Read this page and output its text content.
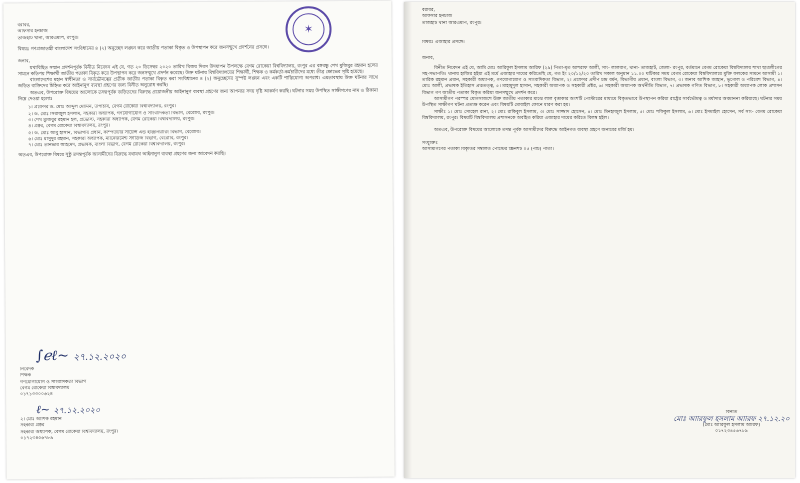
✶
বরাবর,
অফিসার ইনচার্জ
তাজহাট থানা, আরএমপি, রংপুর।
বিষয়ঃ গণপ্রজাতন্ত্রী বাংলাদেশ সংবিধানের ৪ (২) অনুচ্ছেদ লঙ্ঘন করে জাতীয় পতাকা বিকৃত ও উপস্থাপন করে জনসম্মুখে প্রদর্শনের প্রসঙ্গে।
জনাব,
যথাবিহিত সম্মান প্রদর্শনপূর্বক বিনীত নিবেদন এই যে, গত ২০ ডিসেম্বর ২০২০ তারিখ বিজয় দিবস উদযাপন উপলক্ষে বেগম রোকেয়া বিশ্ববিদ্যালয়, রংপুর এর বঙ্গবন্ধু শেখ মুজিবুর রহমান হলের সামনে কতিপয় শিক্ষার্থী জাতীয় পতাকা বিকৃত করে উপস্থাপন করে জনসম্মুখে প্রদর্শন করেছে। উক্ত ঘটনায় বিশ্ববিদ্যালয়ের শিক্ষার্থী, শিক্ষক ও কর্মকর্তা-কর্মচারীদের মধ্যে তীব্র ক্ষোভের সৃষ্টি হয়েছে।
বাংলাদেশের মহান স্বাধীনতা ও সার্বভৌমত্বের প্রতীক জাতীয় পতাকা বিকৃত করা সংবিধানের ৪ (২) অনুচ্ছেদের সুস্পষ্ট লঙ্ঘন এবং একটি শাস্তিযোগ্য অপরাধ। এমতাবস্থায় উক্ত ঘটনার সাথে জড়িত ব্যক্তিদের চিহ্নিত করে আইনানুগ ব্যবস্থা গ্রহণের জন্য বিনীত অনুরোধ করছি।
অতএব, উপরোক্ত বিষয়ের আলোকে তদন্তপূর্বক জড়িতদের বিরুদ্ধে প্রয়োজনীয় আইনানুগ ব্যবস্থা গ্রহণের জন্য আপনার সদয় দৃষ্টি আকর্ষণ করছি। ঘটনার সময় উপস্থিত সাক্ষীগণের নাম ও ঠিকানা নিম্নে দেওয়া হলোঃ
১। প্রফেসর ড. মোঃ আব্দুল মোমিন, উপাচার্য, বেগম রোকেয়া বিশ্ববিদ্যালয়, রংপুর।
২। ড. মোঃ সিরাজুল ইসলাম, সহকারী অধ্যাপক, গণযোগাযোগ ও সাংবাদিকতা বিভাগ, বেরোবি, রংপুর।
৩। শেখ মুজিবুর রহমান হল, প্রভোস্ট, সহকারী অধ্যাপক, বেগম রোকেয়া বিশ্ববিদ্যালয়, রংপুর।
৪। প্রক্টর, বেগম রোকেয়া বিশ্ববিদ্যালয়, রংপুর।
৫। ড. মোঃ আবু হাসান, বিভাগীয় প্রধান, কম্পিউটার সায়েন্স এন্ড ইঞ্জিনিয়ারিং বিভাগ, বেরোবি।
৬। মোঃ মাসুদুর রহমান, সহকারী অধ্যাপক, ম্যানেজমেন্ট স্টাডিজ বিভাগ, বেরোবি, রংপুর।
৭। মোঃ তানভীর আহমেদ, প্রভাষক, বাংলা বিভাগ, বেগম রোকেয়া বিশ্ববিদ্যালয়, রংপুর।
অতএব, উপরোক্ত বিষয়ে সুষ্ঠু তদন্তপূর্বক আসামীদের বিরুদ্ধে যথাযথ আইনানুগ ব্যবস্থা গ্রহণের জন্য আবেদন করছি।
∫ℯℓ~ ২৭.১২.২০২০
নিবেদক
শিক্ষক
গণযোগাযোগ ও সাংবাদিকতা বিভাগ
বেগম রোকেয়া বিশ্ববিদ্যালয়
০১৭১৩৩০০৬২৪
ℓ~ ২৭.১২.২০২০
২। মোঃ আশিক রহমান
সহকারী প্রক্টর
সহকারী অধ্যাপক, বেগম রোকেয়া বিশ্ববিদ্যালয়, রংপুর।
০১৭২৩৪৫৬৭৮৯
বরাবর,
অফিসার ইনচার্জ
তাজহাট থানা আরএমপি, রংপুর।
বিষয়ঃ এজাহার প্রসঙ্গে।
জনাব,
বিনীত নিবেদন এই যে, আমি মোঃ আরিফুল ইসলাম আরিফ (২৯) পিতা-মৃত আশরাফ আলী, সাং- লালবাগ, থানা- তাজহাট, জেলা- রংপুর, বর্তমানে বেগম রোকেয়া বিশ্ববিদ্যালয় শাখা ছাত্রলীগের সহ-সভাপতি। থানায় হাজির হইয়া এই মর্মে এজাহার দায়ের করিতেছি যে, গত ইং ২০/১২/২০ তারিখ সকাল অনুমান ১১.০০ ঘটিকার সময় বেগম রোকেয়া বিশ্ববিদ্যালয়ে মুক্তি ফলকের সামনে আসামী ১। তারিক রহমান প্রধান, সহকারী অধ্যাপক, গণযোগাযোগ ও সাংবাদিকতা বিভাগ, ২। প্রফেসর প্রদীপ চন্দ্র বর্মন, বিভাগীয় প্রধান, বাংলা বিভাগ, ৩। জনাব আশিক জাহান, ভূগোল ও পরিবেশ বিভাগ, ৪। মোঃ আলী, প্রভাষক ইতিহাস প্রত্নতত্ত্ব, ৫। মাহামুদুল হাসান, সহকারী অধ্যাপক ও সহকারী প্রক্টর, ৬। সহকারী অধ্যাপক অর্থনীতি বিভাগ, ৭। প্রভাষক গণিত বিভাগ, ৮। সহকারী অধ্যাপক লোক প্রশাসন বিভাগ গণ জাতীয় পতাকা বিকৃত করিয়া জনসম্মুখে প্রদর্শন করে।
আসামীগণ পরস্পর যোগসাজশে উক্ত জাতীয় পতাকার মাঝে লাল বৃত্তাকার অংশটি পোস্টারের মাধ্যমে বিকৃতভাবে উপস্থাপন করিয়া রাষ্ট্রের সার্বভৌমত্ব ও মর্যাদার অবমাননা করিয়াছে। ঘটনার সময় উপস্থিত সাক্ষীগণ ঘটনা প্রত্যক্ষ করেন এবং বিষয়টি মোবাইল ফোনে ধারণ করা হয়।
সাক্ষীঃ ১। মোঃ সোহেল রানা, ২। মোঃ রাকিবুল ইসলাম, ৩। মোঃ সাজ্জাদ হোসেন, ৪। মোঃ মিনহাজুল ইসলাম, ৫। মোঃ শফিকুল ইসলাম, ৬। মোঃ ইসমাইল হোসেন, সর্ব সাং- বেগম রোকেয়া বিশ্ববিদ্যালয়, রংপুর। বিষয়টি বিশ্ববিদ্যালয় প্রশাসনকে অবহিত করিয়া এজাহার দায়ের করিতে বিলম্ব হইল।
অতএব, উপরোক্ত বিষয়ের আলোকে তদন্ত পূর্বক আসামীদের বিরুদ্ধে আইনগত ব্যবস্থা গ্রহণে জনাবের মর্জি হয়।
সংযুক্তিঃ
আসামীগণের পতাকা বিকৃতির সম্বলিত পোস্টের স্ক্রিনশট ০৫ (পাঁচ) পাতা।
বিনীত
মোঃ আরিফুল ইসলাম আরিফ ২৭.১২.২০
(মোঃ আরিফুল ইসলাম আরিফ)
০১৭২৩৪৫৬৭৮৯
